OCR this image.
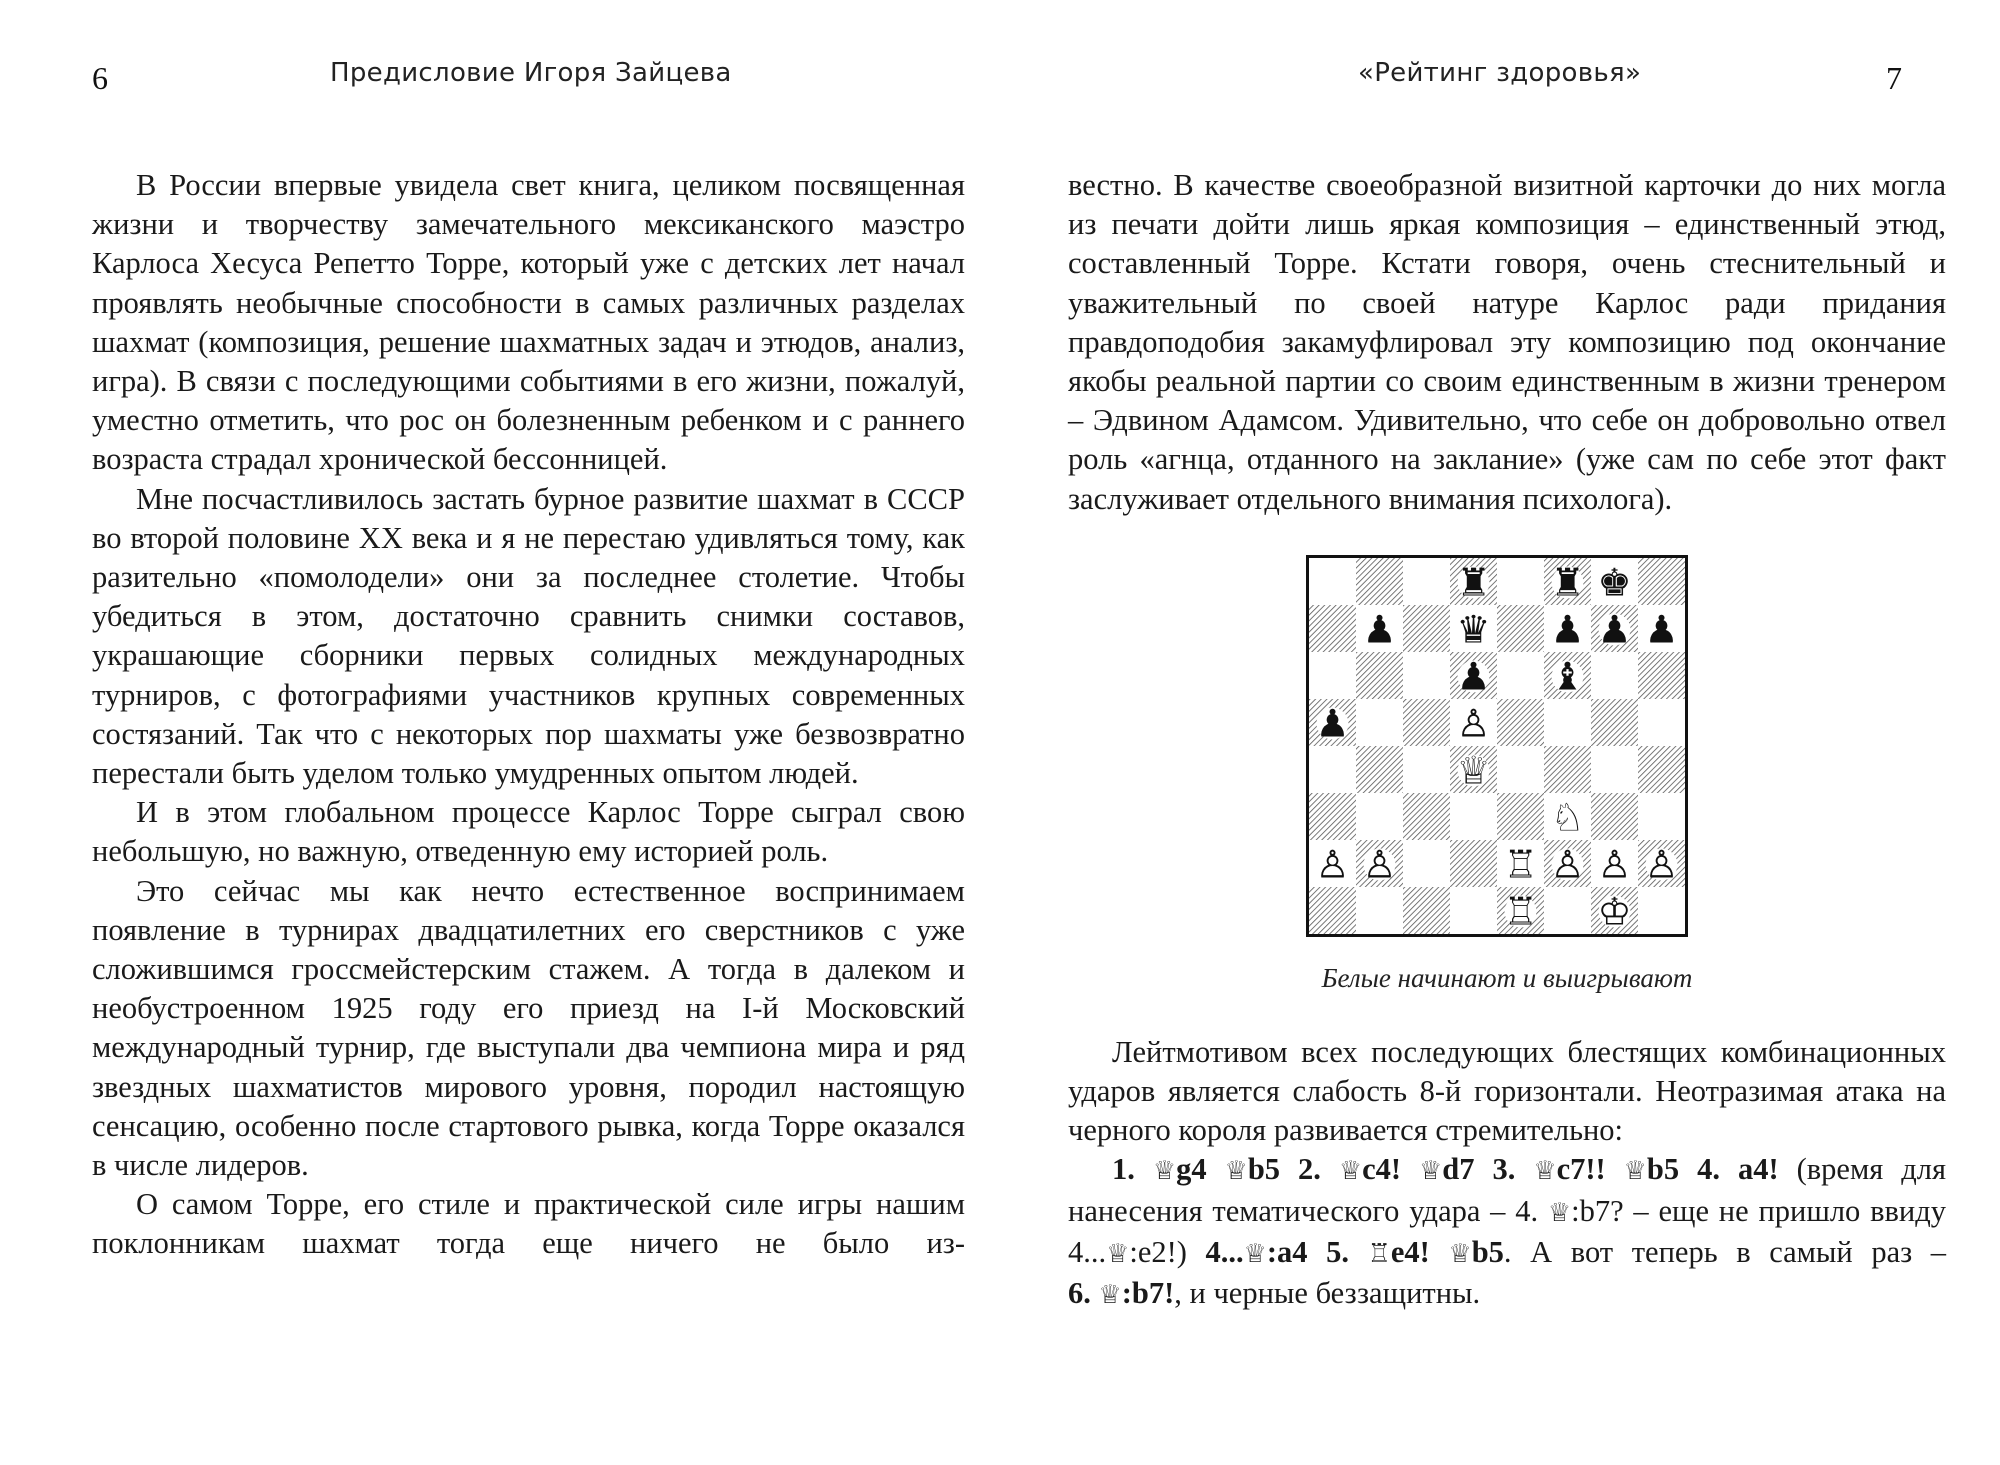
6	Предисловие Игоря Зайцева	«Рейтинг здоровья»	7

В России впервые увидела свет книга, целиком посвященная жизни и творчеству замечательного мексиканского маэстро Карлоса Хесуса Репетто Торре, который уже с детских лет начал проявлять необычные способности в самых различных разделах шахмат (композиция, решение шахматных задач и этюдов, анализ, игра). В связи с последующими событиями в его жизни, пожалуй, уместно отметить, что рос он болезненным ребенком и с раннего возраста страдал хронической бессонницей.

Мне посчастливилось застать бурное развитие шахмат в СССР во второй половине XX века и я не перестаю удивляться тому, как разительно «помолодели» они за последнее столетие. Чтобы убедиться в этом, достаточно сравнить снимки составов, украшающие сборники первых солидных международных турниров, с фотографиями участников крупных современных состязаний. Так что с некоторых пор шахматы уже безвозвратно перестали быть уделом только умудренных опытом людей.

И в этом глобальном процессе Карлос Торре сыграл свою небольшую, но важную, отведенную ему историей роль.

Это сейчас мы как нечто естественное воспринимаем появление в турнирах двадцатилетних его сверстников с уже сложившимся гроссмейстерским стажем. А тогда в далеком и необустроенном 1925 году его приезд на I-й Московский международный турнир, где выступали два чемпиона мира и ряд звездных шахматистов мирового уровня, породил настоящую сенсацию, особенно после стартового рывка, когда Торре оказался в числе лидеров.

О самом Торре, его стиле и практической силе игры нашим поклонникам шахмат тогда еще ничего не было из-

вестно. В качестве своеобразной визитной карточки до них могла из печати дойти лишь яркая композиция – единственный этюд, составленный Торре. Кстати говоря, очень стеснительный и уважительный по своей натуре Карлос ради придания правдоподобия закамуфлировал эту композицию под окончание якобы реальной партии со своим единственным в жизни тренером – Эдвином Адамсом. Удивительно, что себе он добровольно отвел роль «агнца, отданного на заклание» (уже сам по себе этот факт заслуживает отдельного внимания психолога).

♜ ♜ ♚
♟ ♛ ♟ ♟ ♟
♟ ♝
♟	♙
♕
♘
♙ ♙	♖ ♙ ♙ ♙
♖ ♔
Белые начинают и выигрывают

Лейтмотивом всех последующих блестящих комбинационных ударов является слабость 8-й горизонтали. Неотразимая атака на черного короля развивается стремительно:

1. ♕g4 ♕b5 2. ♕c4! ♕d7 3. ♕c7!! ♕b5 4. a4! (время для нанесения тематического удара – 4. ♕:b7? – еще не пришло ввиду 4...♕:e2!) 4...♕:a4 5. ♖e4! ♕b5. А вот теперь в самый раз – 6. ♕:b7!, и черные беззащитны.
